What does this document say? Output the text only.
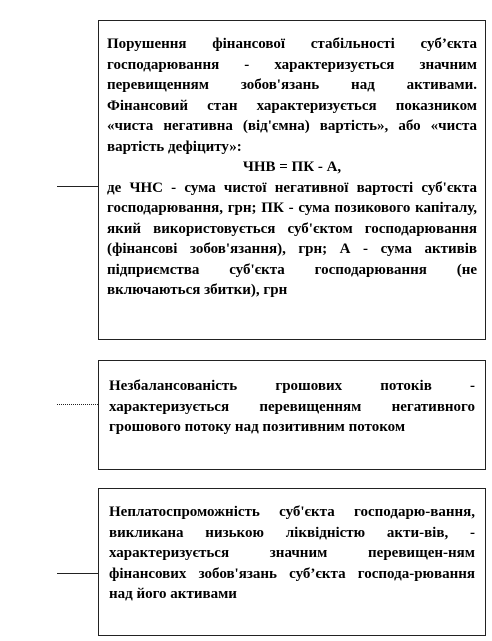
Порушення фінансової стабільності суб’єкта господарювання - характеризується значним перевищенням зобов'язань над активами. Фінансовий стан характеризується показником «чиста негативна (від'ємна) вартість», або «чиста вартість дефіциту»:

ЧНВ = ПК - А,

де ЧНС - сума чистої негативної вартості суб'єкта господарювання, грн; ПК - сума позикового капіталу, який використовується суб'єктом господарювання (фінансові зобов'язання), грн; А - сума активів підприємства суб'єкта господарювання (не включаються збитки), грн

Незбалансованість грошових потоків - характеризується перевищенням негативного грошового потоку над позитивним потоком

Неплатоспроможність суб'єкта господарю-вання, викликана низькою ліквідністю акти-вів, - характеризується значним перевищен-ням фінансових зобов'язань суб’єкта господа-рювання над його активами
